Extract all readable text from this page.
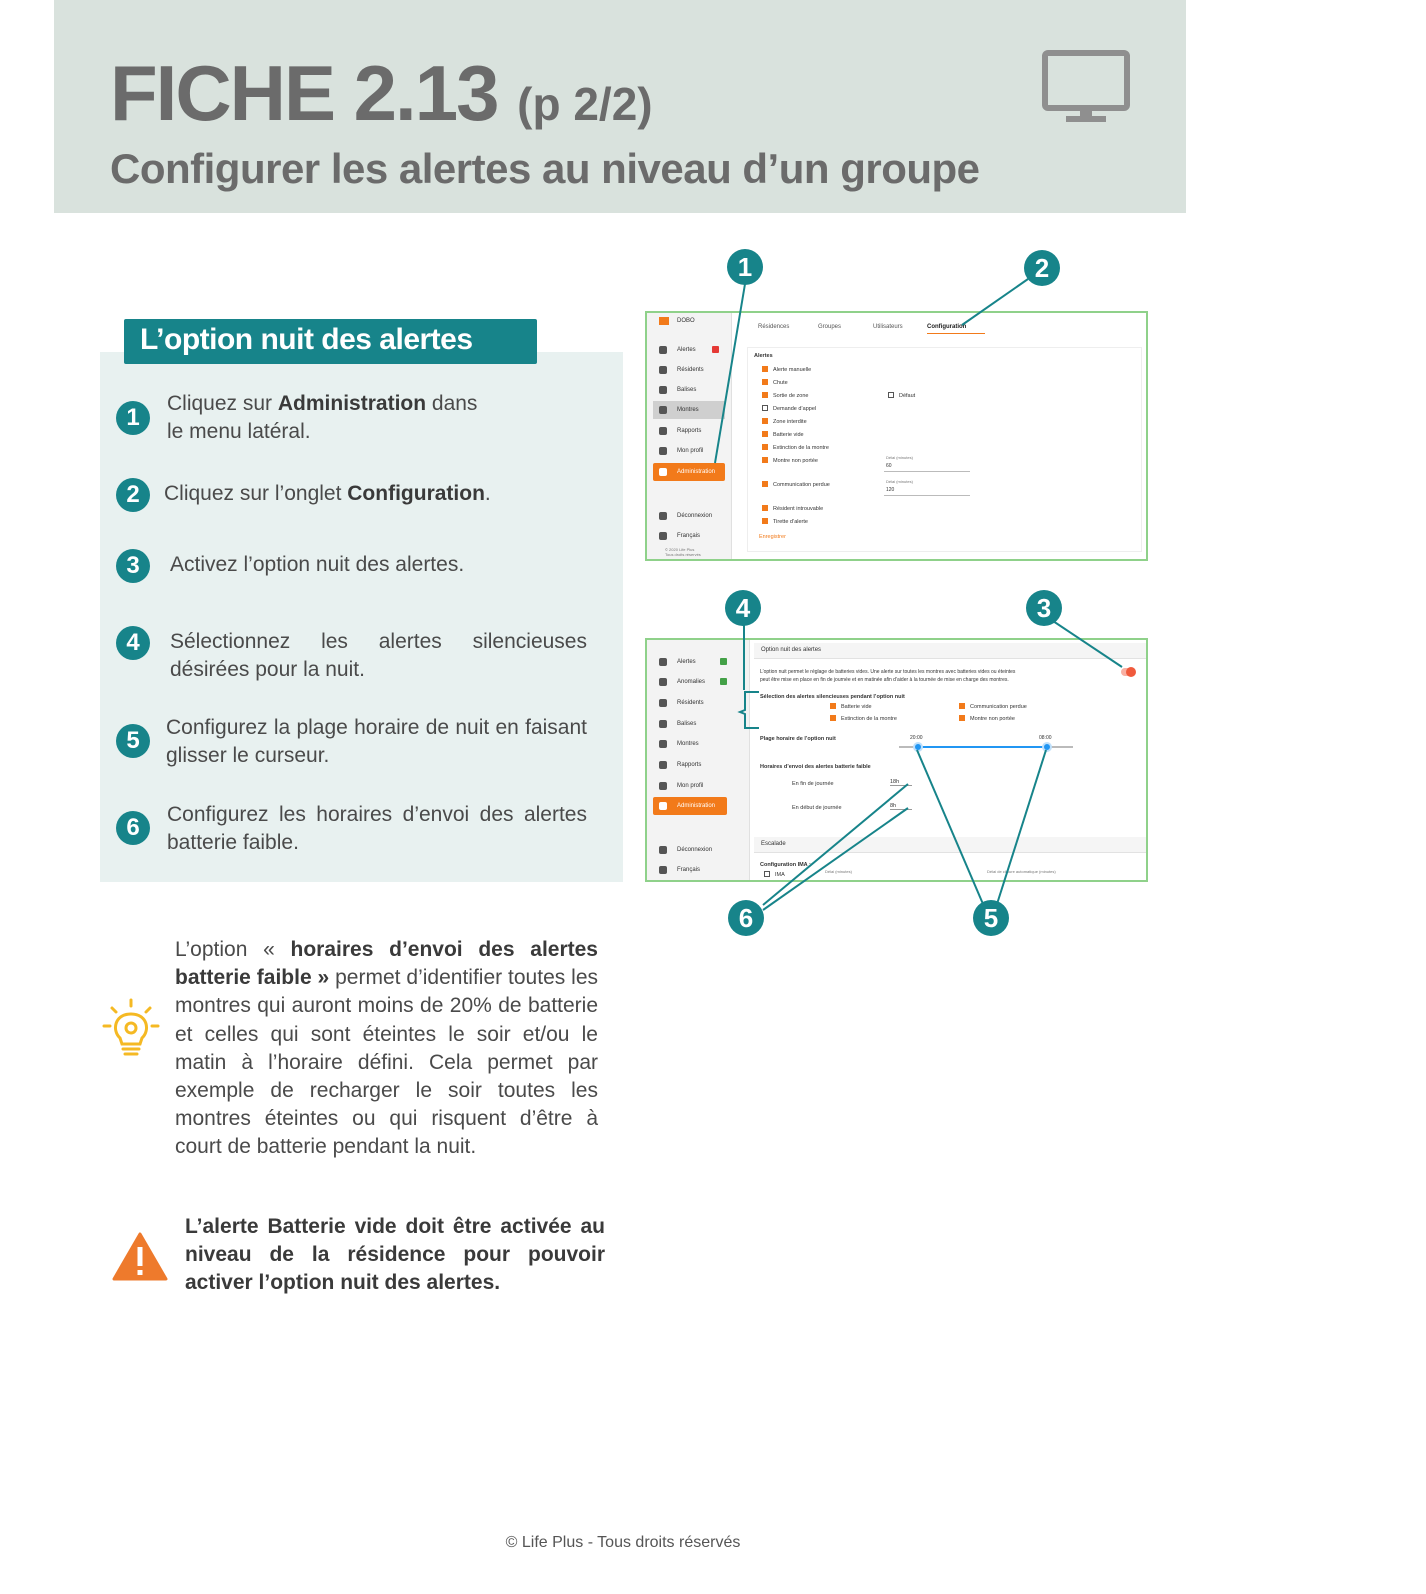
FICHE 2.13 (p 2/2)
Configurer les alertes au niveau d’un groupe
L’option nuit des alertes
1
Cliquez sur Administration dans le menu latéral.
2	Cliquez sur l’onglet Configuration.
3	Activez l’option nuit des alertes.
4	Sélectionnez les alertes silencieuses désirées pour la nuit.
5	Configurez la plage horaire de nuit en faisant glisser le curseur.
6	Configurez les horaires d’envoi des alertes batterie faible.
L’option « horaires d’envoi des alertes batterie faible » permet d’identifier toutes les montres qui auront moins de 20% de batterie et celles qui sont éteintes le soir et/ou le matin à l’horaire défini. Cela permet par exemple de recharger le soir toutes les montres éteintes ou qui risquent d’être à court de batterie pendant la nuit.
L’alerte Batterie vide doit être activée au niveau de la résidence pour pouvoir activer l’option nuit des alertes.
DOBO
Alertes
Résidents
Balises
Montres
Rapports
Mon profil
Administration
Déconnexion
Français
© 2020 Life Plus
Tous droits réservés
Résidences	Groupes	Utilisateurs	Configuration
Alertes
Alerte manuelle
Chute
Sortie de zone
Demande d’appel
Zone interdite
Batterie vide
Extinction de la montre
Montre non portée
Communication perdue
Résident introuvable
Tirette d’alerte
Défaut
Délai (minutes)
60
Délai (minutes)
120
Enregistrer
Alertes
Anomalies
Résidents
Balises
Montres
Rapports
Mon profil
Administration
Déconnexion
Français
Option nuit des alertes
L’option nuit permet le réglage de batteries vides. Une alerte sur toutes les montres avec batteries vides ou éteintes
peut être mise en place en fin de journée et en matinée afin d’aider à la tournée de mise en charge des montres.
Sélection des alertes silencieuses pendant l’option nuit
Batterie vide	Communication perdue
Extinction de la montre	Montre non portée
Plage horaire de l’option nuit	20:00	08:00
Horaires d’envoi des alertes batterie faible
En fin de journée	18h
En début de journée	8h
Escalade
Configuration IMA :
IMA
Délai (minutes)	Délai de clôture automatique (minutes)
1	2
3
4
5
6
© Life Plus - Tous droits réservés
